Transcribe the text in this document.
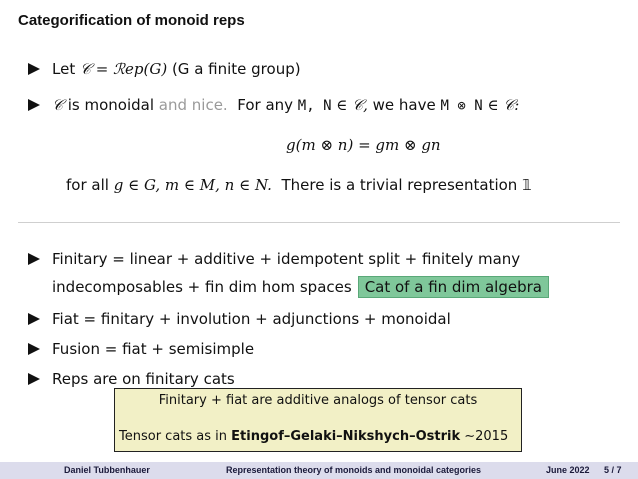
Categorification of monoid reps
Let
𝒞 = ℛep(G)
(G a finite group)
𝒞
is monoidal
and nice.
For any
M, N
∈ 𝒞,
we have
M ⊗ N
∈ 𝒞:
g(m ⊗ n) = gm ⊗ gn
for all g ∈ G, m ∈ M, n ∈ N. There is a trivial representation 𝟙
Finitary = linear + additive + idempotent split + finitely many
indecomposables + fin dim hom spaces Cat of a fin dim algebra
Fiat = finitary + involution + adjunctions + monoidal
Fusion = fiat + semisimple
Reps are on finitary cats
Finitary + fiat are additive analogs of tensor cats
Tensor cats as in Etingof–Gelaki–Nikshych–Ostrik ∼2015
Daniel Tubbenhauer	Representation theory of monoids and monoidal categories	June 2022 5 / 7
